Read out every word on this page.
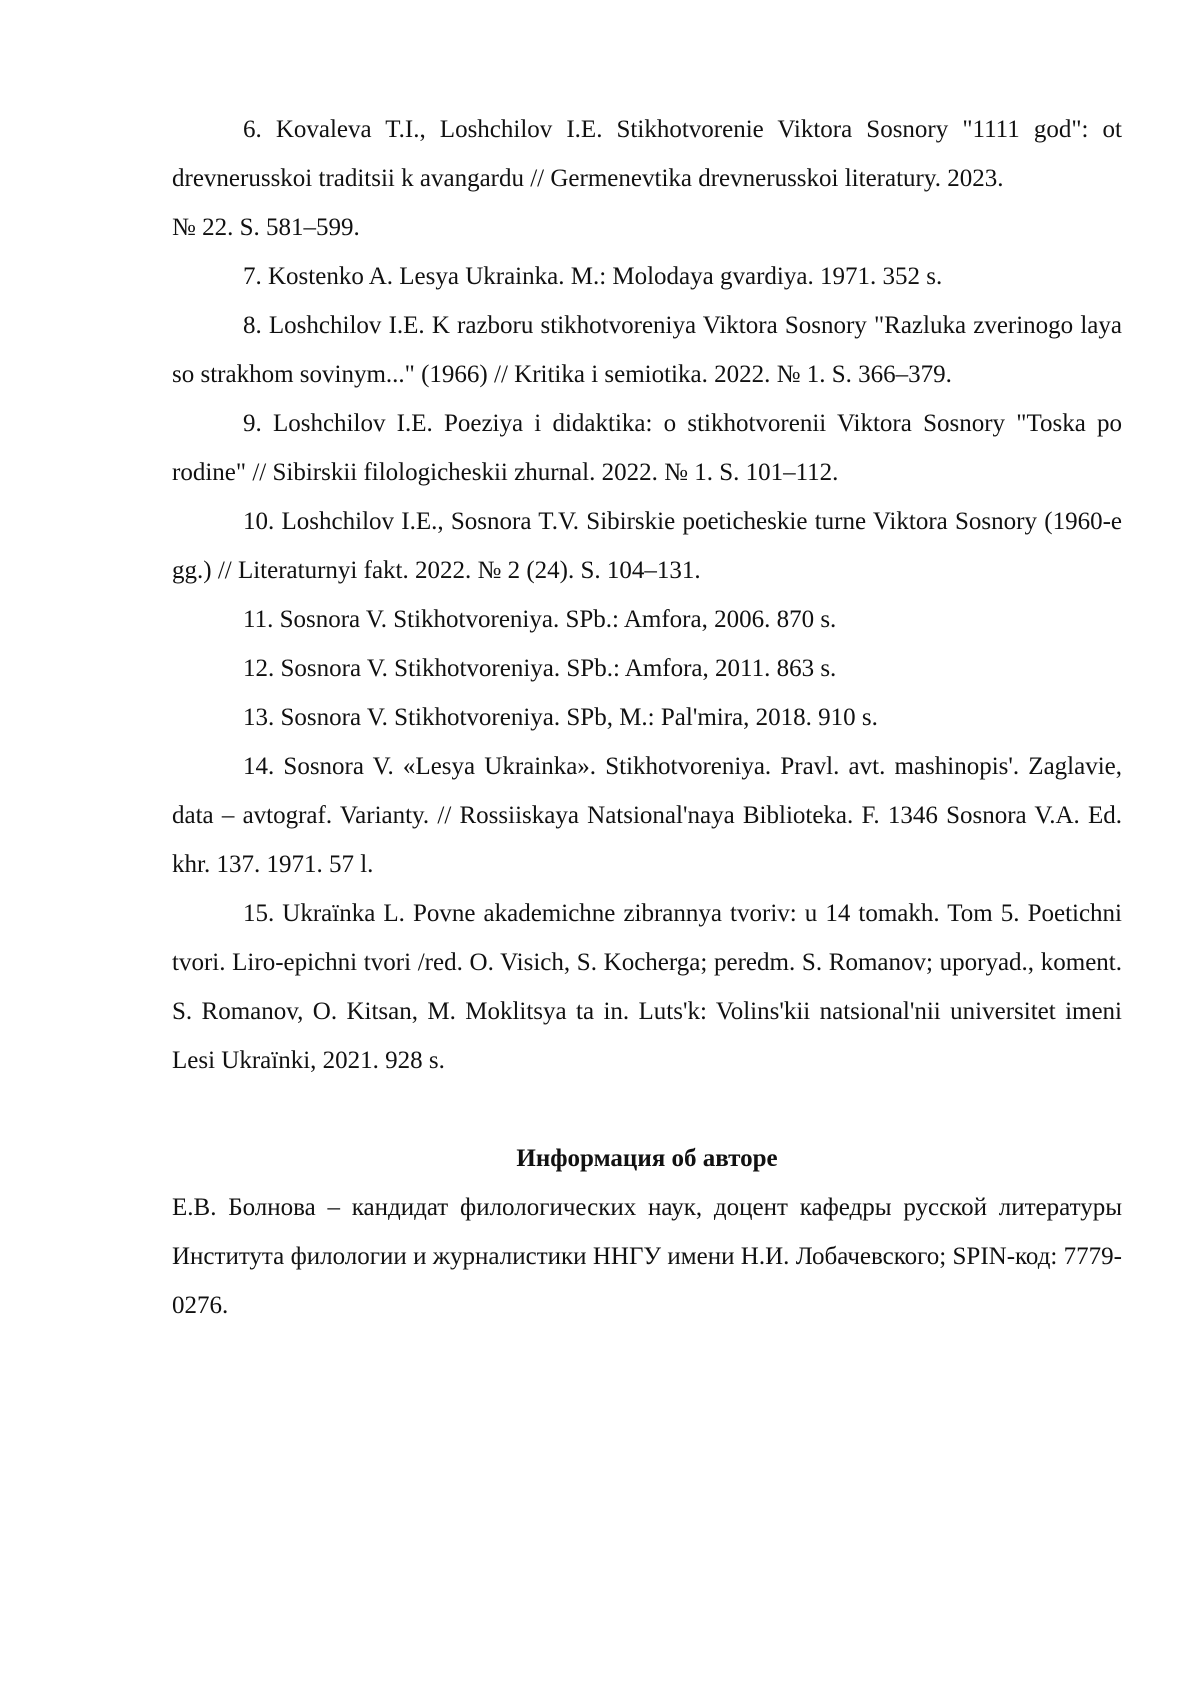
6. Kovaleva T.I., Loshchilov I.E. Stikhotvorenie Viktora Sosnory "1111 god": ot drevnerusskoi traditsii k avangardu // Germenevtika drevnerusskoi literatury. 2023.

№ 22. S. 581–599.

7. Kostenko A. Lesya Ukrainka. M.: Molodaya gvardiya. 1971. 352 s.

8. Loshchilov I.E. K razboru stikhotvoreniya Viktora Sosnory "Razluka zverinogo laya so strakhom sovinym..." (1966) // Kritika i semiotika. 2022. № 1. S. 366–379.

9. Loshchilov I.E. Poeziya i didaktika: o stikhotvorenii Viktora Sosnory "Toska po rodine" // Sibirskii filologicheskii zhurnal. 2022. № 1. S. 101–112.

10. Loshchilov I.E., Sosnora T.V. Sibirskie poeticheskie turne Viktora Sosnory (1960-e gg.) // Literaturnyi fakt. 2022. № 2 (24). S. 104–131.

11. Sosnora V. Stikhotvoreniya. SPb.: Amfora, 2006. 870 s.

12. Sosnora V. Stikhotvoreniya. SPb.: Amfora, 2011. 863 s.

13. Sosnora V. Stikhotvoreniya. SPb, M.: Pal'mira, 2018. 910 s.

14. Sosnora V. «Lesya Ukrainka». Stikhotvoreniya. Pravl. avt. mashinopis'. Zaglavie, data – avtograf. Varianty. // Rossiiskaya Natsional'naya Biblioteka. F. 1346 Sosnora V.A. Ed. khr. 137. 1971. 57 l.

15. Ukraïnka L. Povne akademichne zibrannya tvoriv: u 14 tomakh. Tom 5. Poetichni tvori. Liro-epichni tvori /red. O. Visich, S. Kocherga; peredm. S. Romanov; uporyad., koment. S. Romanov, O. Kitsan, M. Moklitsya ta in. Luts'k: Volins'kii natsional'nii universitet imeni Lesi Ukraïnki, 2021. 928 s.

Информация об авторе

Е.В. Болнова – кандидат филологических наук, доцент кафедры русской литературы Института филологии и журналистики ННГУ имени Н.И. Лобачевского; SPIN-код: 7779-0276.
